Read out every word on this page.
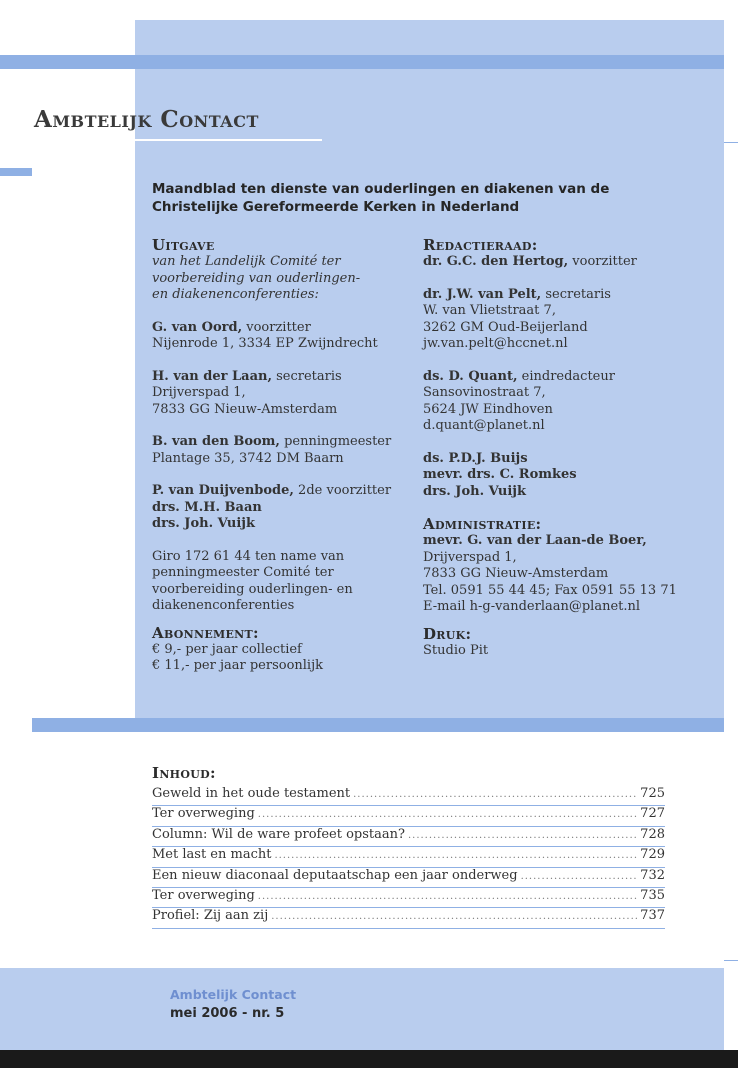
Ambtelijk Contact
Maandblad ten dienste van ouderlingen en diakenen van de
Christelijke Gereformeerde Kerken in Nederland
Uitgave
van het Landelijk Comité ter
voorbereiding van ouderlingen-
en diakenenconferenties:
G. van Oord, voorzitter
Nijenrode 1, 3334 EP Zwijndrecht
H. van der Laan, secretaris
Drijverspad 1,
7833 GG Nieuw-Amsterdam
B. van den Boom, penningmeester
Plantage 35, 3742 DM Baarn
P. van Duijvenbode, 2de voorzitter
drs. M.H. Baan
drs. Joh. Vuijk
Giro 172 61 44 ten name van
penningmeester Comité ter
voorbereiding ouderlingen- en
diakenenconferenties
Abonnement:
€ 9,- per jaar collectief
€ 11,- per jaar persoonlijk
Redactieraad:
dr. G.C. den Hertog, voorzitter
dr. J.W. van Pelt, secretaris
W. van Vlietstraat 7,
3262 GM Oud-Beijerland
jw.van.pelt@hccnet.nl
ds. D. Quant, eindredacteur
Sansovinostraat 7,
5624 JW Eindhoven
d.quant@planet.nl
ds. P.D.J. Buijs
mevr. drs. C. Romkes
drs. Joh. Vuijk
Administratie:
mevr. G. van der Laan-de Boer,
Drijverspad 1,
7833 GG Nieuw-Amsterdam
Tel. 0591 55 44 45; Fax 0591 55 13 71
E-mail h-g-vanderlaan@planet.nl
Druk:
Studio Pit
Inhoud:
Geweld in het oude testament .....	725
Ter overweging .....	727
Column: Wil de ware profeet opstaan? .....	728
Met last en macht .....	729
Een nieuw diaconaal deputaatschap een jaar onderweg .....	732
Ter overweging .....	735
Profiel: Zij aan zij .....	737
Ambtelijk Contact
mei 2006 - nr. 5
